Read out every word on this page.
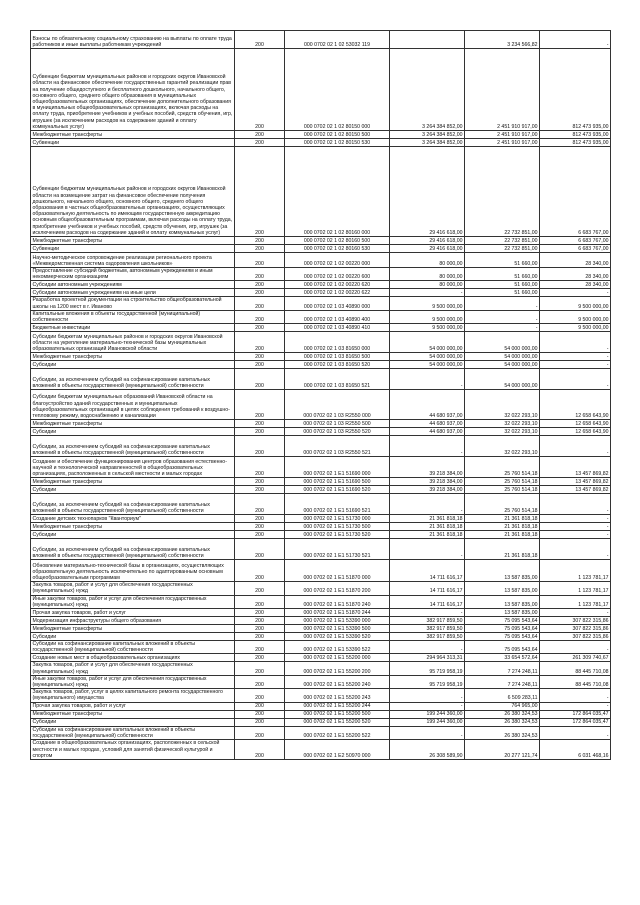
Взносы по обязательному социальному страхованию на выплаты по оплате труда работников и иные выплаты работникам учреждений	200	000 0702 02 1 02 53032 119		3 234 566,82	-
Субвенции бюджетам муниципальных районов и городских округов Ивановской области на финансовое обеспечение государственных гарантий реализации прав на получение общедоступного и бесплатного дошкольного, начального общего, основного общего, среднего общего образования в муниципальных общеобразовательных организациях, обеспечение дополнительного образования в муниципальных общеобразовательных организациях, включая расходы на оплату труда, приобретение учебников и учебных пособий, средств обучения, игр, игрушек (за исключением расходов на содержание зданий и оплату коммунальных услуг)	200	000 0702 02 1 02 80150 000	3 264 384 852,00	2 451 910 917,00	812 473 935,00
Межбюджетные трансферты	200	000 0702 02 1 02 80150 500	3 264 384 852,00	2 451 910 917,00	812 473 935,00
Субвенции	200	000 0702 02 1 02 80150 530	3 264 384 852,00	2 451 910 917,00	812 473 935,00
Субвенции бюджетам муниципальных районов и городских округов Ивановской области на возмещение затрат на финансовое обеспечение получения дошкольного, начального общего, основного общего, среднего общего образования в частных общеобразовательных организациях, осуществляющих образовательную деятельность по имеющим государственную аккредитацию основным общеобразовательным программам, включая расходы на оплату труда, приобретение учебников и учебных пособий, средств обучения, игр, игрушек (за исключением расходов на содержание зданий и оплату коммунальных услуг)	200	000 0702 02 1 02 80160 000	29 416 618,00	22 732 851,00	6 683 767,00
Межбюджетные трансферты	200	000 0702 02 1 02 80160 500	29 416 618,00	22 732 851,00	6 683 767,00
Субвенции	200	000 0702 02 1 02 80160 530	29 416 618,00	22 732 851,00	6 683 767,00
Научно-методическое сопровождение реализации регионального проекта «Межведомственная система оздоровления школьников»	200	000 0702 02 1 02 00220 000	80 000,00	51 660,00	28 340,00
Предоставление субсидий бюджетным, автономным учреждениям и иным некоммерческим организациям	200	000 0702 02 1 02 00220 600	80 000,00	51 660,00	28 340,00
Субсидии автономным учреждениям	200	000 0702 02 1 02 00220 620	80 000,00	51 660,00	28 340,00
Субсидии автономным учреждениям на иные цели	200	000 0702 02 1 02 00220 622	-	51 660,00	-
Разработка проектной документации на строительство общеобразовательной школы на 1200 мест в г. Иваново	200	000 0702 02 1 03 40890 000	9 500 000,00	-	9 500 000,00
Капитальные вложения в объекты государственной (муниципальной) собственности	200	000 0702 02 1 03 40890 400	9 500 000,00	-	9 500 000,00
Бюджетные инвестиции	200	000 0702 02 1 03 40890 410	9 500 000,00	-	9 500 000,00
Субсидии бюджетам муниципальных районов и городских округов Ивановской области на укрепление материально-технической базы муниципальных образовательных организаций Ивановской области	200	000 0702 02 1 03 81650 000	54 000 000,00	54 000 000,00	-
Межбюджетные трансферты	200	000 0702 02 1 03 81650 500	54 000 000,00	54 000 000,00	-
Субсидии	200	000 0702 02 1 03 81650 520	54 000 000,00	54 000 000,00	-
Субсидии, за исключением субсидий на софинансирование капитальных вложений в объекты государственной (муниципальной) собственности	200	000 0702 02 1 03 81650 521	-	54 000 000,00	-
Субсидии бюджетам муниципальных образований Ивановской области на благоустройство зданий государственных и муниципальных общеобразовательных организаций в целях соблюдения требований к воздушно-тепловому режиму, водоснабжению и канализации	200	000 0702 02 1 03 R2550 000	44 680 937,00	32 022 293,10	12 658 643,90
Межбюджетные трансферты	200	000 0702 02 1 03 R2550 500	44 680 937,00	32 022 293,10	12 658 643,90
Субсидии	200	000 0702 02 1 03 R2550 520	44 680 937,00	32 022 293,10	12 658 643,90
Субсидии, за исключением субсидий на софинансирование капитальных вложений в объекты государственной (муниципальной) собственности	200	000 0702 02 1 03 R2550 521	-	32 022 293,10	-
Создание и обеспечение функционирования центров образования естественно-научной и технологической направленностей в общеобразовательных организациях, расположенных в сельской местности и малых городах	200	000 0702 02 1 E1 51690 000	39 218 384,00	25 760 514,18	13 457 869,82
Межбюджетные трансферты	200	000 0702 02 1 E1 51690 500	39 218 384,00	25 760 514,18	13 457 869,82
Субсидии	200	000 0702 02 1 E1 51690 520	39 218 384,00	25 760 514,18	13 457 869,82
Субсидии, за исключением субсидий на софинансирование капитальных вложений в объекты государственной (муниципальной) собственности	200	000 0702 02 1 E1 51690 521	-	25 760 514,18	-
Создание детских технопарков "Кванториум"	200	000 0702 02 1 E1 51730 000	21 361 818,18	21 361 818,18	-
Межбюджетные трансферты	200	000 0702 02 1 E1 51730 500	21 361 818,18	21 361 818,18	-
Субсидии	200	000 0702 02 1 E1 51730 520	21 361 818,18	21 361 818,18	-
Субсидии, за исключением субсидий на софинансирование капитальных вложений в объекты государственной (муниципальной) собственности	200	000 0702 02 1 E1 51730 521	-	21 361 818,18	-
Обновление материально-технической базы в организациях, осуществляющих образовательную деятельность исключительно по адаптированным основным общеобразовательным программам	200	000 0702 02 1 E1 51870 000	14 711 616,17	13 587 835,00	1 123 781,17
Закупка товаров, работ и услуг для обеспечения государственных (муниципальных) нужд	200	000 0702 02 1 E1 51870 200	14 711 616,17	13 587 835,00	1 123 781,17
Иные закупки товаров, работ и услуг для обеспечения государственных (муниципальных) нужд	200	000 0702 02 1 E1 51870 240	14 711 616,17	13 587 835,00	1 123 781,17
Прочая закупка товаров, работ и услуг	200	000 0702 02 1 E1 51870 244	-	13 587 835,00	-
Модернизация инфраструктуры общего образования	200	000 0702 02 1 E1 53390 000	382 917 859,50	75 095 543,64	307 822 315,86
Межбюджетные трансферты	200	000 0702 02 1 E1 53390 500	382 917 859,50	75 095 543,64	307 822 315,86
Субсидии	200	000 0702 02 1 E1 53390 520	382 917 859,50	75 095 543,64	307 822 315,86
Субсидии на софинансирование капитальных вложений в объекты государственной (муниципальной) собственности	200	000 0702 02 1 E1 53390 522	-	75 095 543,64	-
Создание новых мест в общеобразовательных организациях	200	000 0702 02 1 E1 55200 000	294 964 313,31	33 654 572,64	261 309 740,67
Закупка товаров, работ и услуг для обеспечения государственных (муниципальных) нужд	200	000 0702 02 1 E1 55200 200	95 719 958,19	7 274 248,11	88 445 710,08
Иные закупки товаров, работ и услуг для обеспечения государственных (муниципальных) нужд	200	000 0702 02 1 E1 55200 240	95 719 958,19	7 274 248,11	88 445 710,08
Закупка товаров, работ, услуг в целях капитального ремонта государственного (муниципального) имущества	200	000 0702 02 1 E1 55200 243	-	6 509 283,11	-
Прочая закупка товаров, работ и услуг	200	000 0702 02 1 E1 55200 244	-	764 965,00	-
Межбюджетные трансферты	200	000 0702 02 1 E1 55200 500	199 244 360,00	26 380 324,53	172 864 035,47
Субсидии	200	000 0702 02 1 E1 55200 520	199 244 360,00	26 380 324,53	172 864 035,47
Субсидии на софинансирование капитальных вложений в объекты государственной (муниципальной) собственности	200	000 0702 02 1 E1 55200 522	-	26 380 324,53	-
Создание в общеобразовательных организациях, расположенных в сельской местности и малых городах, условий для занятий физической культурой и спортом	200	000 0702 02 1 E2 50970 000	26 308 589,90	20 277 121,74	6 031 468,16
